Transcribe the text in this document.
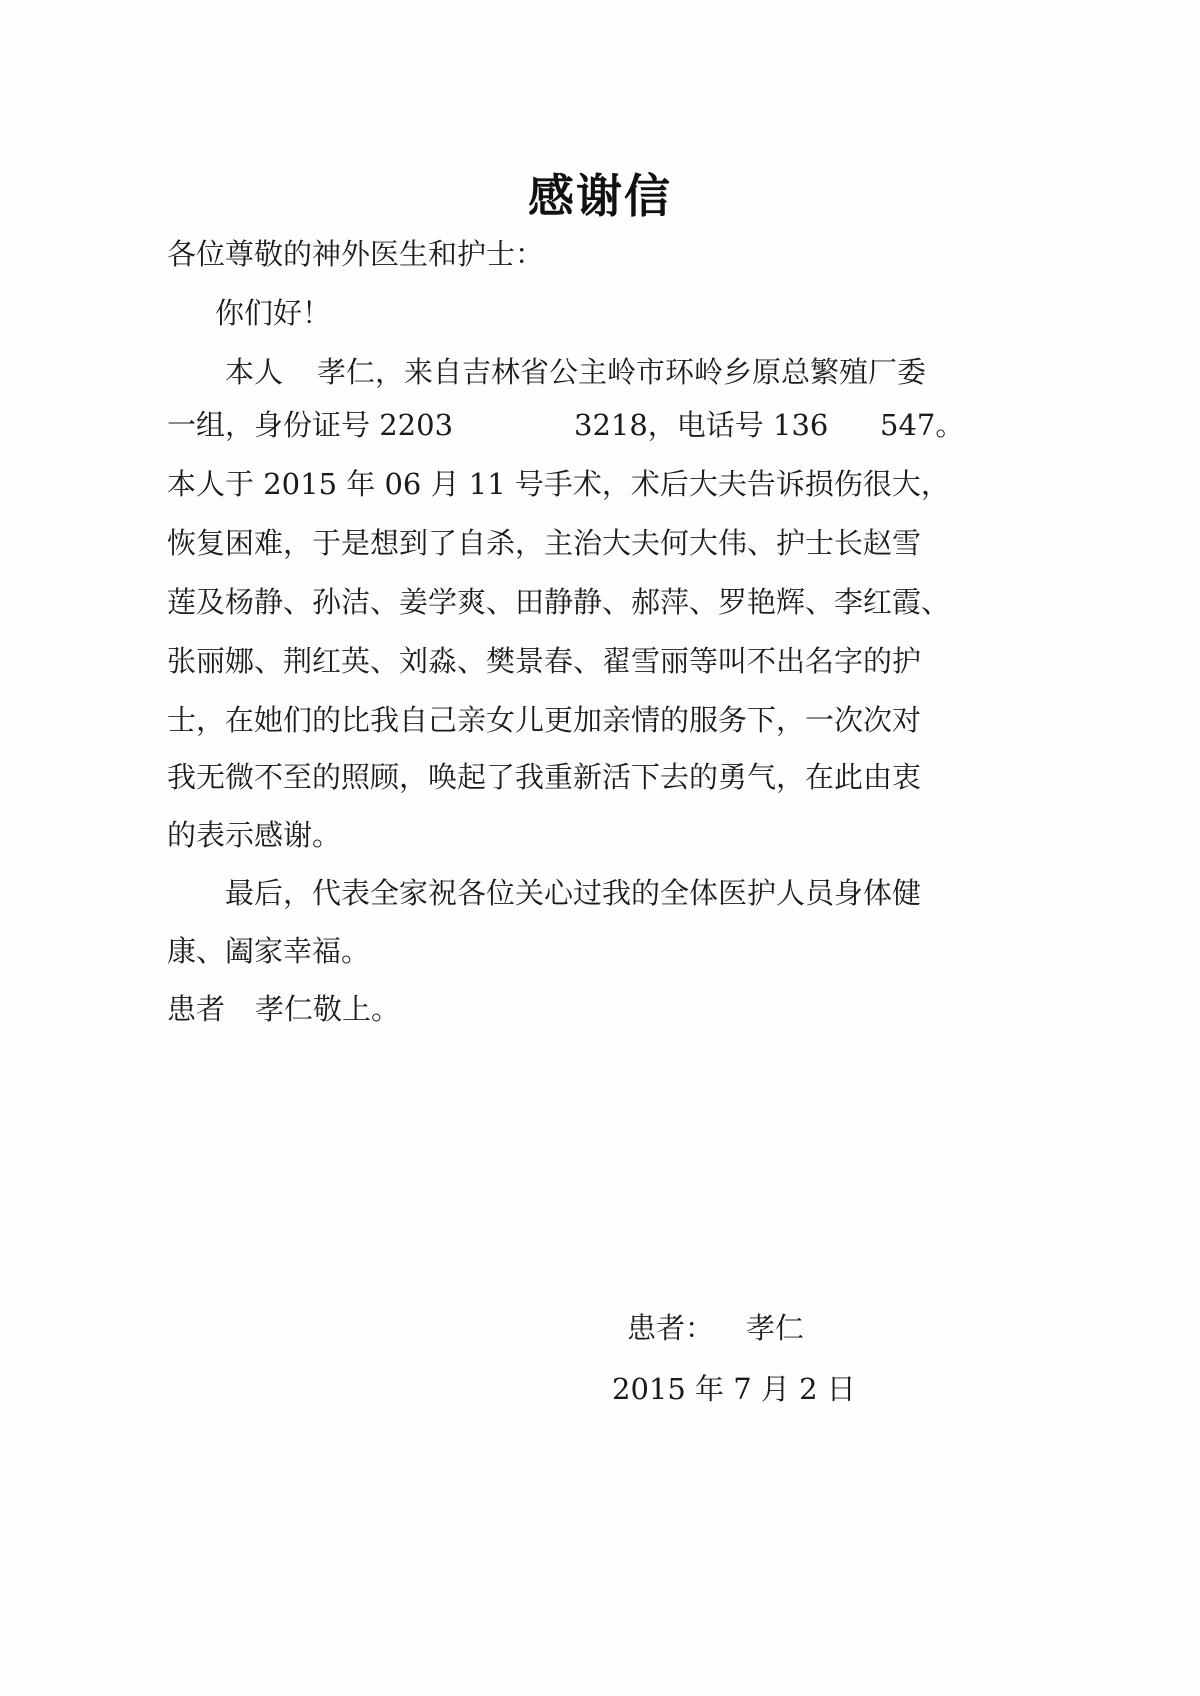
感谢信
各位尊敬的神外医生和护士：
你们好！

本人

孝仁，来自吉林省公主岭市环岭乡原总繁殖厂委

一组，身份证号 2203

	3218，电话号 136

547。

本人于 2015 年 06 月 11 号手术，术后大夫告诉损伤很大，
恢复困难，于是想到了自杀，主治大夫何大伟、护士长赵雪
莲及杨静、孙洁、姜学爽、田静静、郝萍、罗艳辉、李红霞、
张丽娜、荆红英、刘淼、樊景春、翟雪丽等叫不出名字的护
士，在她们的比我自己亲女儿更加亲情的服务下，一次次对
我无微不至的照顾，唤起了我重新活下去的勇气，在此由衷
的表示感谢。
最后，代表全家祝各位关心过我的全体医护人员身体健
康、阖家幸福。

患者

孝仁敬上。

患者：

孝仁

2015 年 7 月 2 日
